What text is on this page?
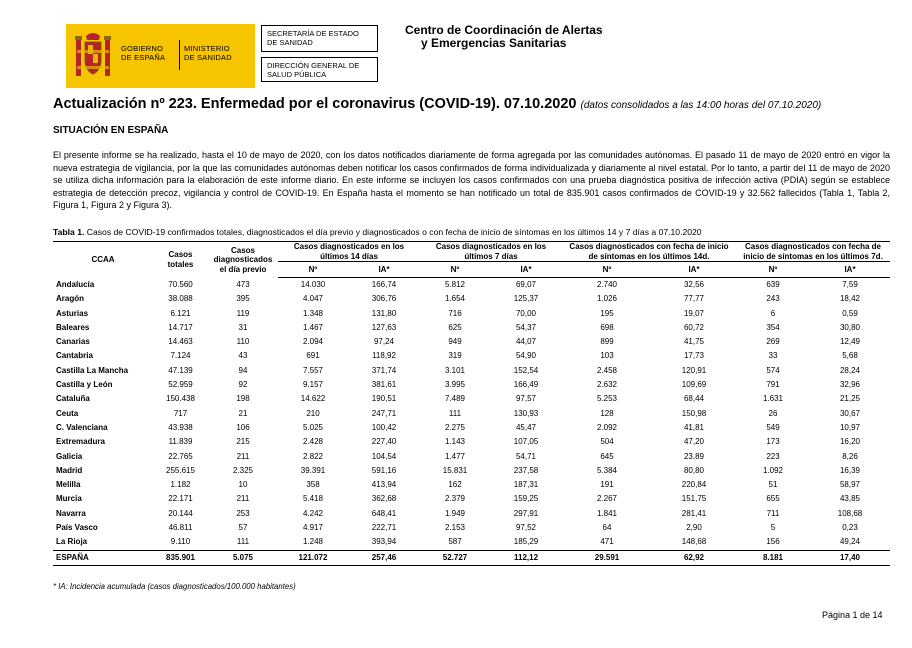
GOBIERNO
DE ESPAÑA
MINISTERIO
DE SANIDAD
SECRETARÍA DE ESTADO
DE SANIDAD
DIRECCIÓN GENERAL DE
SALUD PÚBLICA
Centro de Coordinación de Alertas
y Emergencias Sanitarias
Actualización nº 223. Enfermedad por el coronavirus (COVID-19). 07.10.2020 (datos consolidados a las 14:00 horas del 07.10.2020)
SITUACIÓN EN ESPAÑA
El presente informe se ha realizado, hasta el 10 de mayo de 2020, con los datos notificados diariamente de forma agregada por las comunidades autónomas. El pasado 11 de mayo de 2020 entró en vigor la nueva estrategia de vigilancia, por la que las comunidades autónomas deben notificar los casos confirmados de forma individualizada y diariamente al nivel estatal. Por lo tanto, a partir del 11 de mayo de 2020 se utiliza dicha información para la elaboración de este informe diario. En este informe se incluyen los casos confirmados con una prueba diagnóstica positiva de infección activa (PDIA) según se establece estrategia de detección precoz, vigilancia y control de COVID-19. En España hasta el momento se han notificado un total de 835.901 casos confirmados de COVID-19 y 32.562 fallecidos (Tabla 1, Tabla 2, Figura 1, Figura 2 y Figura 3).
Tabla 1. Casos de COVID-19 confirmados totales, diagnosticados el día previo y diagnosticados o con fecha de inicio de síntomas en los últimos 14 y 7 días a 07.10.2020
CCAA	Casos totales	Casos diagnosticados el día previo	Casos diagnosticados en los últimos 14 días		Casos diagnosticados en los últimos 7 días		Casos diagnosticados con fecha de inicio de síntomas en los últimos 14d.		Casos diagnosticados con fecha de inicio de síntomas en los últimos 7d.	
			Nº	IA*	Nº	IA*	Nº	IA*	Nº	IA*
Andalucía	70.560	473	14.030	166,74	5.812	69,07	2.740	32,56	639	7,59
Aragón	38.088	395	4.047	306,76	1.654	125,37	1.026	77,77	243	18,42
Asturias	6.121	119	1.348	131,80	716	70,00	195	19,07	6	0,59
Baleares	14.717	31	1.467	127,63	625	54,37	698	60,72	354	30,80
Canarias	14.463	110	2.094	97,24	949	44,07	899	41,75	269	12,49
Cantabria	7.124	43	691	118,92	319	54,90	103	17,73	33	5,68
Castilla La Mancha	47.139	94	7.557	371,74	3.101	152,54	2.458	120,91	574	28,24
Castilla y León	52.959	92	9.157	381,61	3.995	166,49	2.632	109,69	791	32,96
Cataluña	150.438	198	14.622	190,51	7.489	97,57	5.253	68,44	1.631	21,25
Ceuta	717	21	210	247,71	111	130,93	128	150,98	26	30,67
C. Valenciana	43.938	106	5.025	100,42	2.275	45,47	2.092	41,81	549	10,97
Extremadura	11.839	215	2.428	227,40	1.143	107,05	504	47,20	173	16,20
Galicia	22.765	211	2.822	104,54	1.477	54,71	645	23,89	223	8,26
Madrid	255.615	2.325	39.391	591,16	15.831	237,58	5.384	80,80	1.092	16,39
Melilla	1.182	10	358	413,94	162	187,31	191	220,84	51	58,97
Murcia	22.171	211	5.418	362,68	2.379	159,25	2.267	151,75	655	43,85
Navarra	20.144	253	4.242	648,41	1.949	297,91	1.841	281,41	711	108,68
País Vasco	46.811	57	4.917	222,71	2.153	97,52	64	2,90	5	0,23
La Rioja	9.110	111	1.248	393,94	587	185,29	471	148,68	156	49,24
ESPAÑA	835.901	5.075	121.072	257,46	52.727	112,12	29.591	62,92	8.181	17,40
* IA: Incidencia acumulada (casos diagnosticados/100.000 habitantes)
Página 1 de 14
